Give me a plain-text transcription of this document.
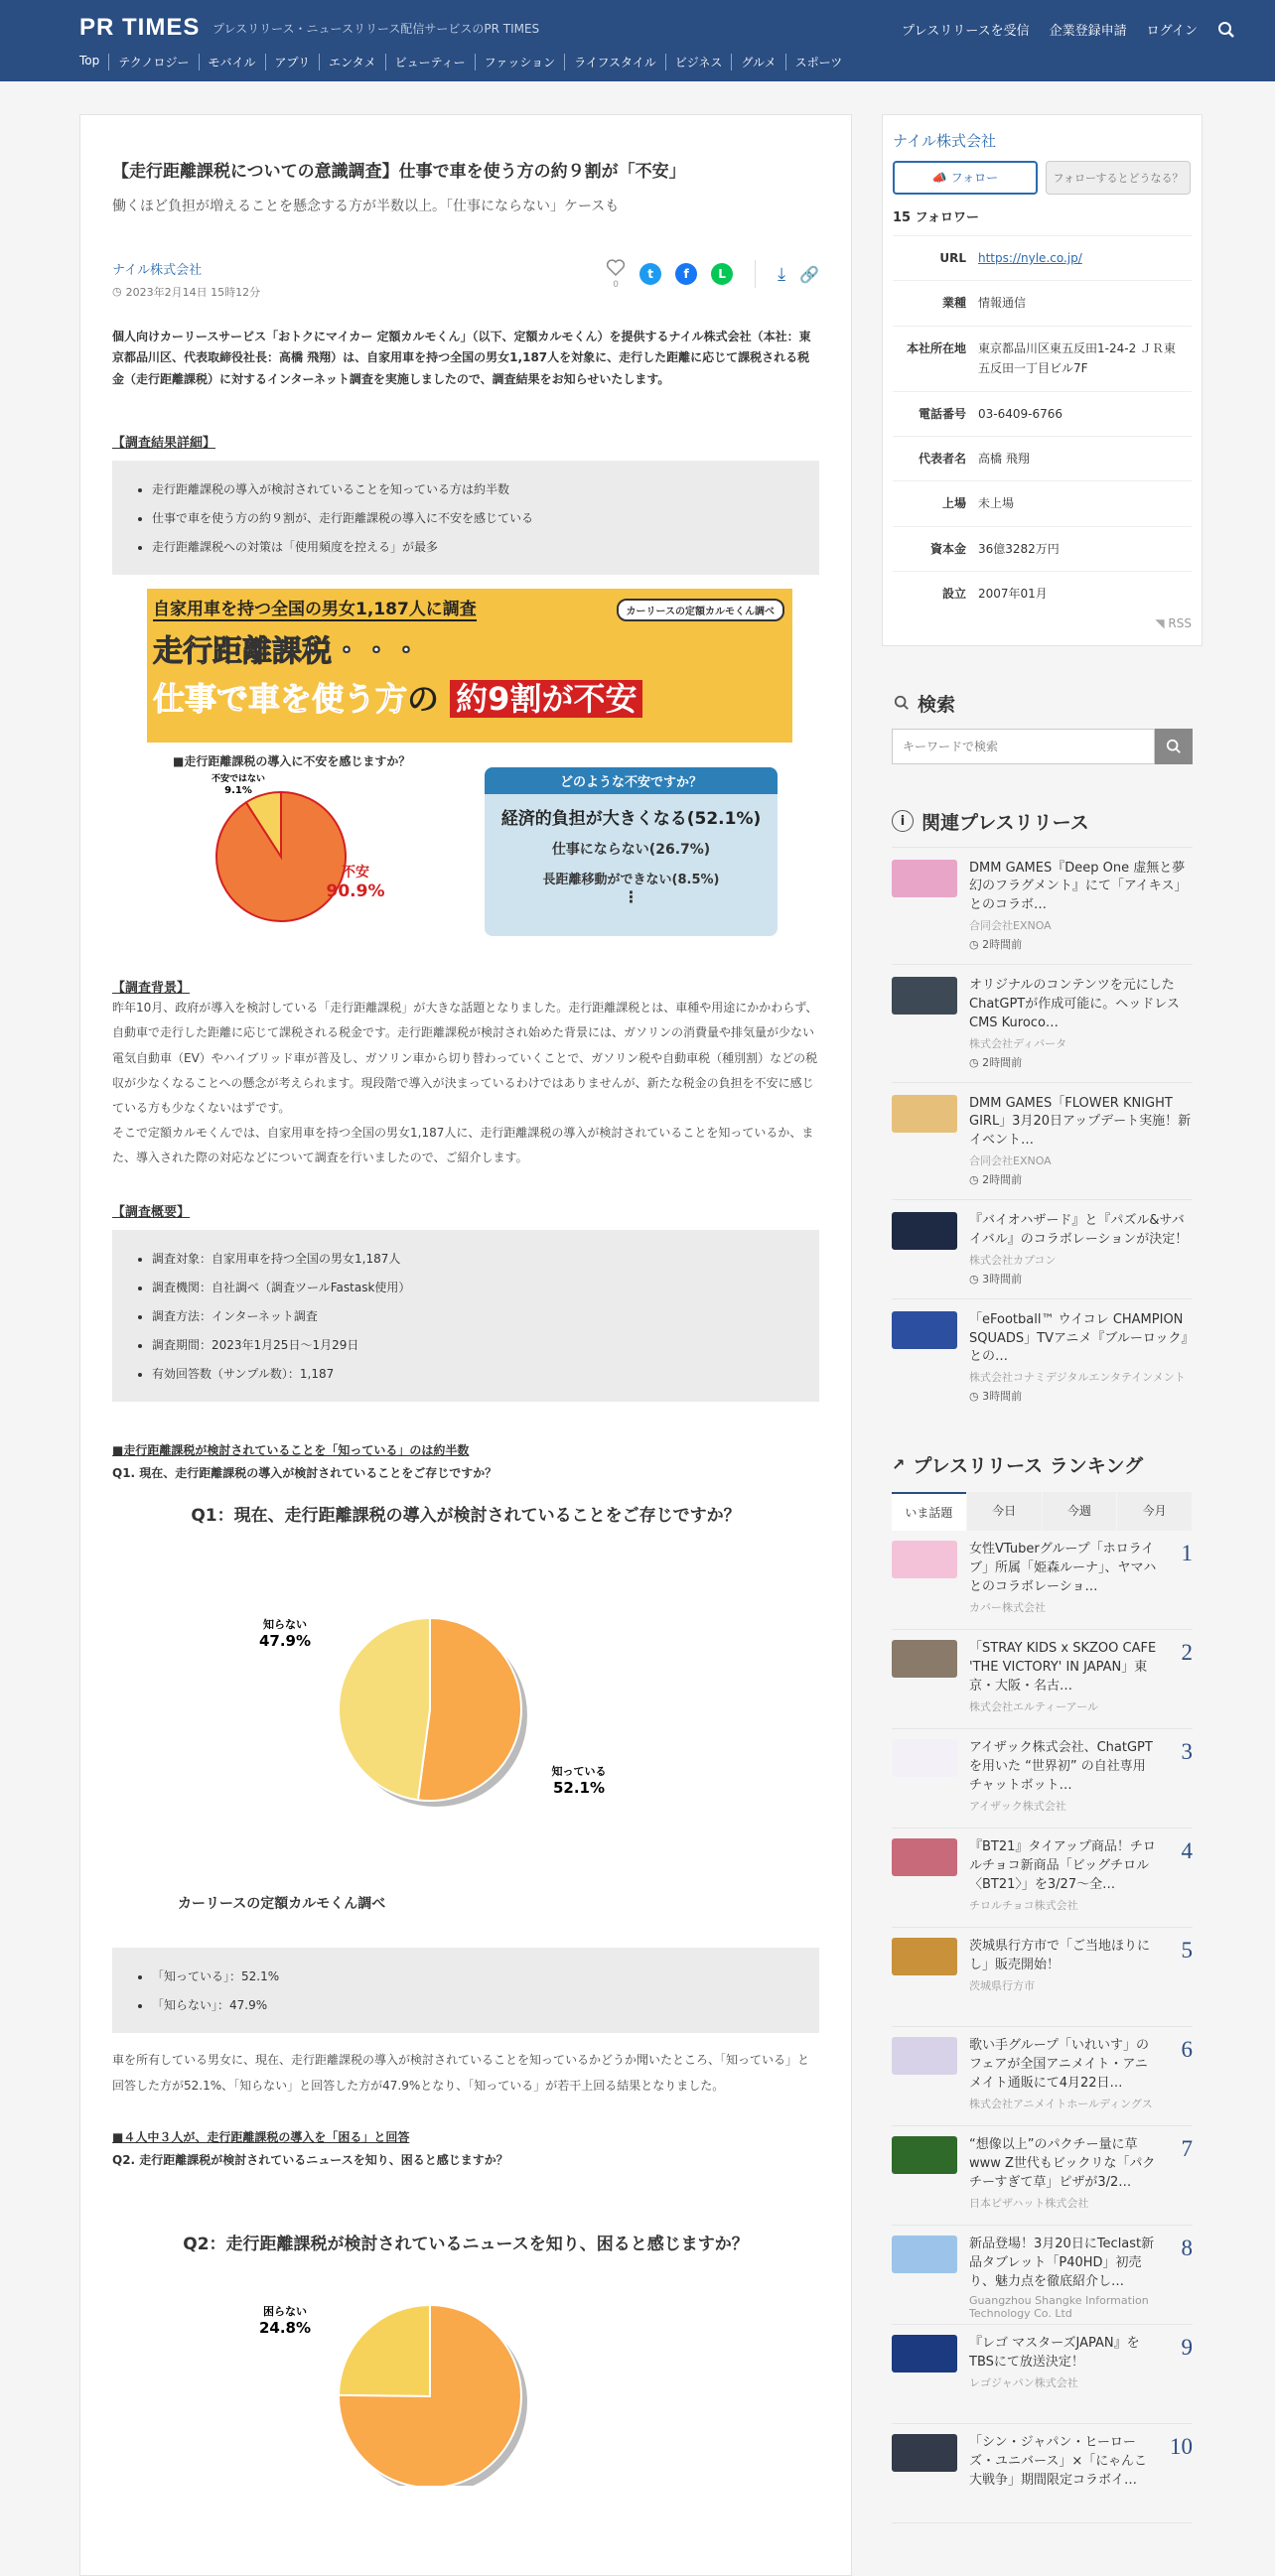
PR TIMES プレスリリース・ニュースリリース配信サービスのPR TIMES	プレスリリースを受信 企業登録申請 ログイン
Top	テクノロジー	モバイル	アプリ	エンタメ	ビューティー	ファッション	ライフスタイル	ビジネス	グルメ	スポーツ
【走行距離課税についての意識調査】仕事で車を使う方の約９割が「不安」
働くほど負担が増えることを懸念する方が半数以上。「仕事にならない」ケースも
ナイル株式会社
◷ 2023年2月14日 15時12分
0
t	f	L	⤓ 🔗

個人向けカーリースサービス「おトクにマイカー 定額カルモくん」（以下、定額カルモくん）を提供するナイル株式会社（本社：東京都品川区、代表取締役社長：高橋 飛翔）は、自家用車を持つ全国の男女1,187人を対象に、走行した距離に応じて課税される税金（走行距離課税）に対するインターネット調査を実施しましたので、調査結果をお知らせいたします。

【調査結果詳細】
• 走行距離課税の導入が検討されていることを知っている方は約半数
• 仕事で車を使う方の約９割が、走行距離課税の導入に不安を感じている
• 走行距離課税への対策は「使用頻度を控える」が最多
自家用車を持つ全国の男女1,187人に調査	カーリースの定額カルモくん調べ
走行距離課税・・・
仕事で車を使う方の 約9割が不安
■走行距離課税の導入に不安を感じますか？
不安ではない
9.1%
不安
90.9%
どのような不安ですか？
経済的負担が大きくなる(52.1%)
仕事にならない(26.7%)
長距離移動ができない(8.5%)
⋮
【調査背景】
昨年10月、政府が導入を検討している「走行距離課税」が大きな話題となりました。走行距離課税とは、車種や用途にかかわらず、自動車で走行した距離に応じて課税される税金です。走行距離課税が検討され始めた背景には、ガソリンの消費量や排気量が少ない電気自動車（EV）やハイブリッド車が普及し、ガソリン車から切り替わっていくことで、ガソリン税や自動車税（種別割）などの税収が少なくなることへの懸念が考えられます。現段階で導入が決まっているわけではありませんが、新たな税金の負担を不安に感じている方も少なくないはずです。
そこで定額カルモくんでは、自家用車を持つ全国の男女1,187人に、走行距離課税の導入が検討されていることを知っているか、また、導入された際の対応などについて調査を行いましたので、ご紹介します。
【調査概要】
• 調査対象：自家用車を持つ全国の男女1,187人
• 調査機関：自社調べ（調査ツールFastask使用）
• 調査方法：インターネット調査
• 調査期間：2023年1月25日～1月29日
• 有効回答数（サンプル数）：1,187
■走行距離課税が検討されていることを「知っている」のは約半数
Q1. 現在、走行距離課税の導入が検討されていることをご存じですか？
Q1：現在、走行距離課税の導入が検討されていることをご存じですか？
知らない
47.9%
知っている
52.1%
カーリースの定額カルモくん調べ
• 「知っている」：52.1%
• 「知らない」：47.9%
車を所有している男女に、現在、走行距離課税の導入が検討されていることを知っているかどうか聞いたところ、「知っている」と回答した方が52.1%、「知らない」と回答した方が47.9%となり、「知っている」が若干上回る結果となりました。
■４人中３人が、走行距離課税の導入を「困る」と回答
Q2. 走行距離課税が検討されているニュースを知り、困ると感じますか？
Q2：走行距離課税が検討されているニュースを知り、困ると感じますか？
困らない
24.8%
ナイル株式会社
📣 フォロー	フォローするとどうなる？
15 フォロワー
URL	https://nyle.co.jp/
業種	情報通信
本社所在地	東京都品川区東五反田1-24-2 ＪＲ東五反田一丁目ビル7F
電話番号	03-6409-6766
代表者名	高橋 飛翔
上場	未上場
資本金	36億3282万円
設立	2007年01月
◥ RSS
検索
キーワードで検索
i 関連プレスリリース
DMM GAMES『Deep One 虚無と夢幻のフラグメント』にて「アイキス」とのコラボ…
合同会社EXNOA
◷ 2時間前
オリジナルのコンテンツを元にしたChatGPTが作成可能に。ヘッドレスCMS Kuroco…
株式会社ディバータ
◷ 2時間前
DMM GAMES「FLOWER KNIGHT GIRL」3月20日アップデート実施！新イベント…
合同会社EXNOA
◷ 2時間前
『バイオハザード』と『パズル&サバイバル』のコラボレーションが決定！
株式会社カプコン
◷ 3時間前
「eFootball™ ウイコレ CHAMPION SQUADS」TVアニメ『ブルーロック』との…
株式会社コナミデジタルエンタテインメント
◷ 3時間前
↗ プレスリリース ランキング
いま話題	今日	今週	今月
女性VTuberグループ「ホロライブ」所属「姫森ルーナ」、ヤマハとのコラボレーショ…
カバー株式会社
1
「STRAY KIDS x SKZOO CAFE 'THE VICTORY' IN JAPAN」東京・大阪・名古…
株式会社エルティーアール
2
アイザック株式会社、ChatGPTを用いた “世界初” の自社専用チャットボット…
アイザック株式会社
3
『BT21』タイアップ商品！チロルチョコ新商品「ビッグチロル〈BT21〉」を3/27～全…
チロルチョコ株式会社
4
茨城県行方市で「ご当地ほりにし」販売開始！
茨城県行方市
5
歌い手グループ「いれいす」のフェアが全国アニメイト・アニメイト通販にて4月22日…
株式会社アニメイトホールディングス
6
“想像以上”のパクチー量に草www Z世代もビックリな「パクチーすぎて草」ピザが3/2…
日本ピザハット株式会社
7
新品登場！3月20日にTeclast新品タブレット「P40HD」初売り、魅力点を徹底紹介し…
Guangzhou Shangke Information Technology Co. Ltd
8
『レゴ マスターズJAPAN』をTBSにて放送決定！
レゴジャパン株式会社
9
「シン・ジャパン・ヒーローズ・ユニバース」×「にゃんこ大戦争」期間限定コラボイ…
10
